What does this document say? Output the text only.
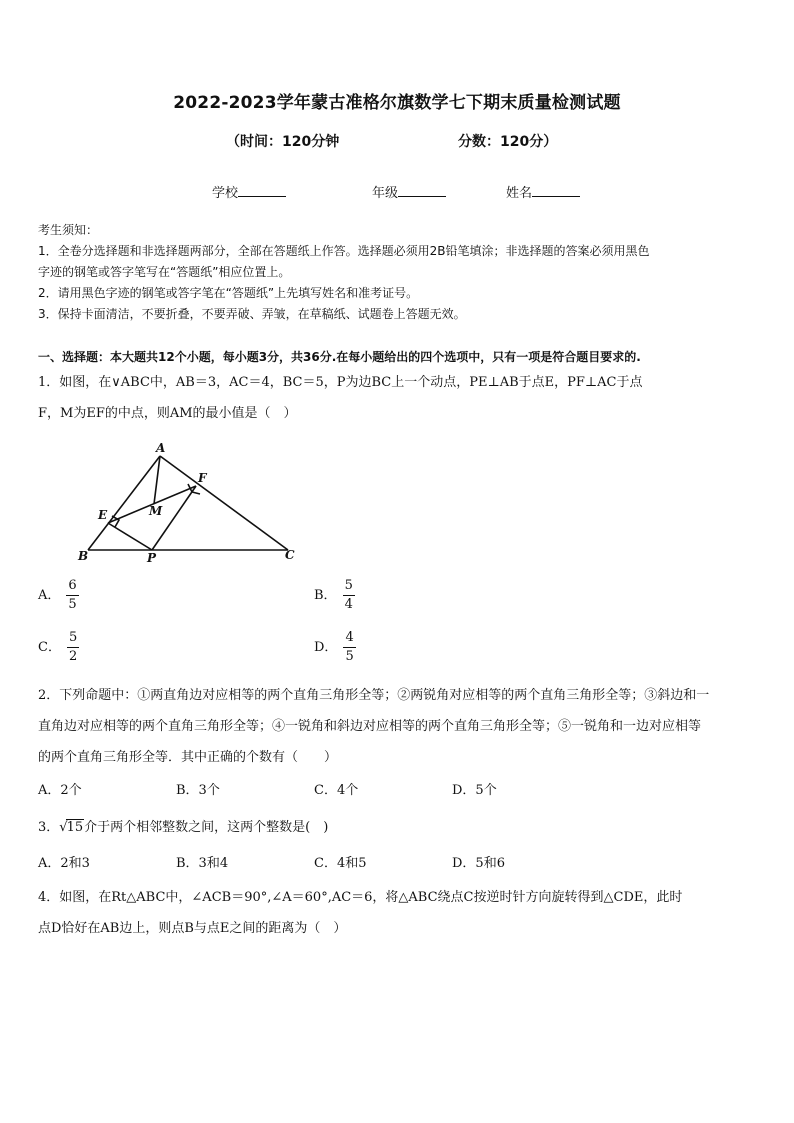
2022-2023学年蒙古准格尔旗数学七下期末质量检测试题
（时间：120分钟	分数：120分）
学校	年级	姓名
考生须知：
1．全卷分选择题和非选择题两部分，全部在答题纸上作答。选择题必须用2B铅笔填涂；非选择题的答案必须用黑色
字迹的钢笔或答字笔写在“答题纸”相应位置上。
2．请用黑色字迹的钢笔或答字笔在“答题纸”上先填写姓名和准考证号。
3．保持卡面清洁，不要折叠，不要弄破、弄皱，在草稿纸、试题卷上答题无效。
一、选择题：本大题共12个小题，每小题3分，共36分.在每小题给出的四个选项中，只有一项是符合题目要求的.
1．如图，在∨ABC中，AB＝3，AC＝4，BC＝5，P为边BC上一个动点，PE⊥AB于点E，PF⊥AC于点
F，M为EF的中点，则AM的最小值是（　）
A
F
E	M
B	P	C
A． $\frac{6}{5}$	B． $\frac{5}{4}$
C． $\frac{5}{2}$	D． $\frac{4}{5}$
2．下列命题中：①两直角边对应相等的两个直角三角形全等；②两锐角对应相等的两个直角三角形全等；③斜边和一
直角边对应相等的两个直角三角形全等；④一锐角和斜边对应相等的两个直角三角形全等；⑤一锐角和一边对应相等
的两个直角三角形全等．其中正确的个数有（　　）
A．2个	B．3个	C．4个	D．5个
3．√15介于两个相邻整数之间，这两个整数是(　)
A．2和3	B．3和4	C．4和5	D．5和6
4．如图，在Rt△ABC中，∠ACB＝90°,∠A＝60°,AC＝6，将△ABC绕点C按逆时针方向旋转得到△CDE，此时
点D恰好在AB边上，则点B与点E之间的距离为（　）
